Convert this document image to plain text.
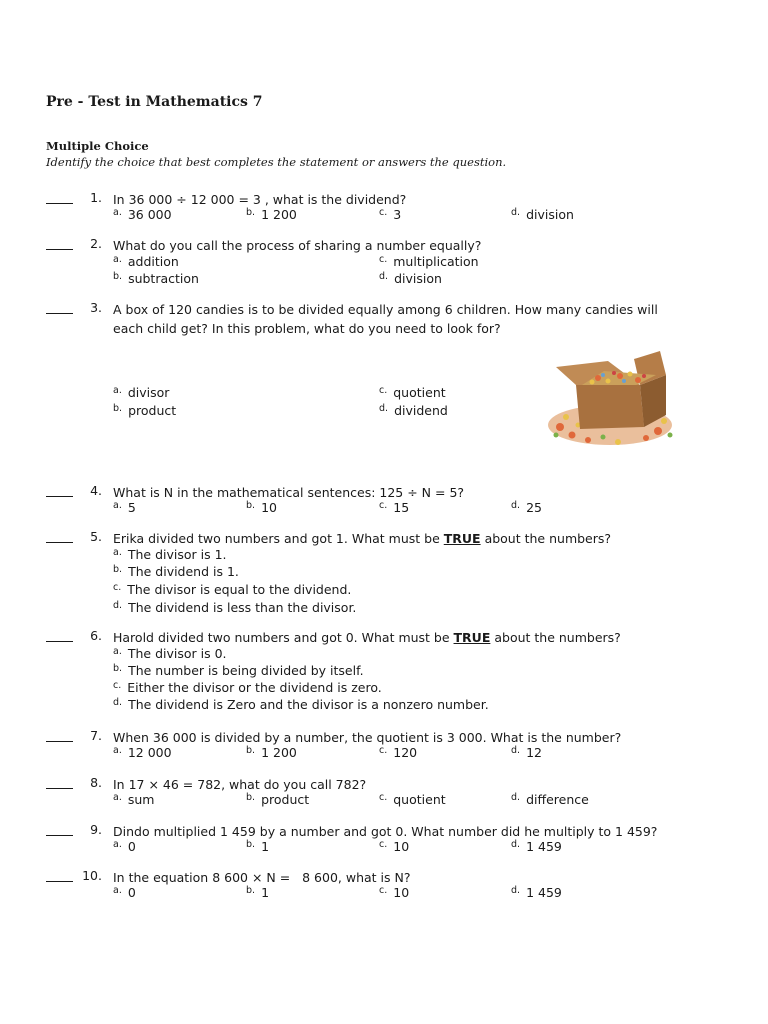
Pre - Test in Mathematics 7
Multiple Choice
Identify the choice that best completes the statement or answers the question.
1. In 36 000 ÷ 12 000 = 3 , what is the dividend?
$^{a.}$ 36 000	$^{b.}$ 1 200	$^{c.}$ 3	$^{d.}$ division
2. What do you call the process of sharing a number equally?
$^{a.}$ addition
$^{b.}$ subtraction
$^{c.}$ multiplication
$^{d.}$ division
3. A box of 120 candies is to be divided equally among 6 children. How many candies will
each child get? In this problem, what do you need to look for?
$^{a.}$ divisor
$^{b.}$ product
$^{c.}$ quotient
$^{d.}$ dividend
4. What is N in the mathematical sentences: 125 ÷ N = 5?
$^{a.}$ 5	$^{b.}$ 10	$^{c.}$ 15	$^{d.}$ 25
5. Erika divided two numbers and got 1. What must be TRUE about the numbers?
$^{a.}$ The divisor is 1.
$^{b.}$ The dividend is 1.
$^{c.}$ The divisor is equal to the dividend.
$^{d.}$ The dividend is less than the divisor.
6. Harold divided two numbers and got 0. What must be TRUE about the numbers?
$^{a.}$ The divisor is 0.
$^{b.}$ The number is being divided by itself.
$^{c.}$ Either the divisor or the dividend is zero.
$^{d.}$ The dividend is Zero and the divisor is a nonzero number.
7. When 36 000 is divided by a number, the quotient is 3 000. What is the number?
$^{a.}$ 12 000	$^{b.}$ 1 200	$^{c.}$ 120	$^{d.}$ 12
8. In 17 × 46 = 782, what do you call 782?
$^{a.}$ sum	$^{b.}$ product	$^{c.}$ quotient	$^{d.}$ difference
9. Dindo multiplied 1 459 by a number and got 0. What number did he multiply to 1 459?
$^{a.}$ 0	$^{b.}$ 1	$^{c.}$ 10	$^{d.}$ 1 459
10. In the equation 8 600 × N =   8 600, what is N?
$^{a.}$ 0	$^{b.}$ 1	$^{c.}$ 10	$^{d.}$ 1 459
